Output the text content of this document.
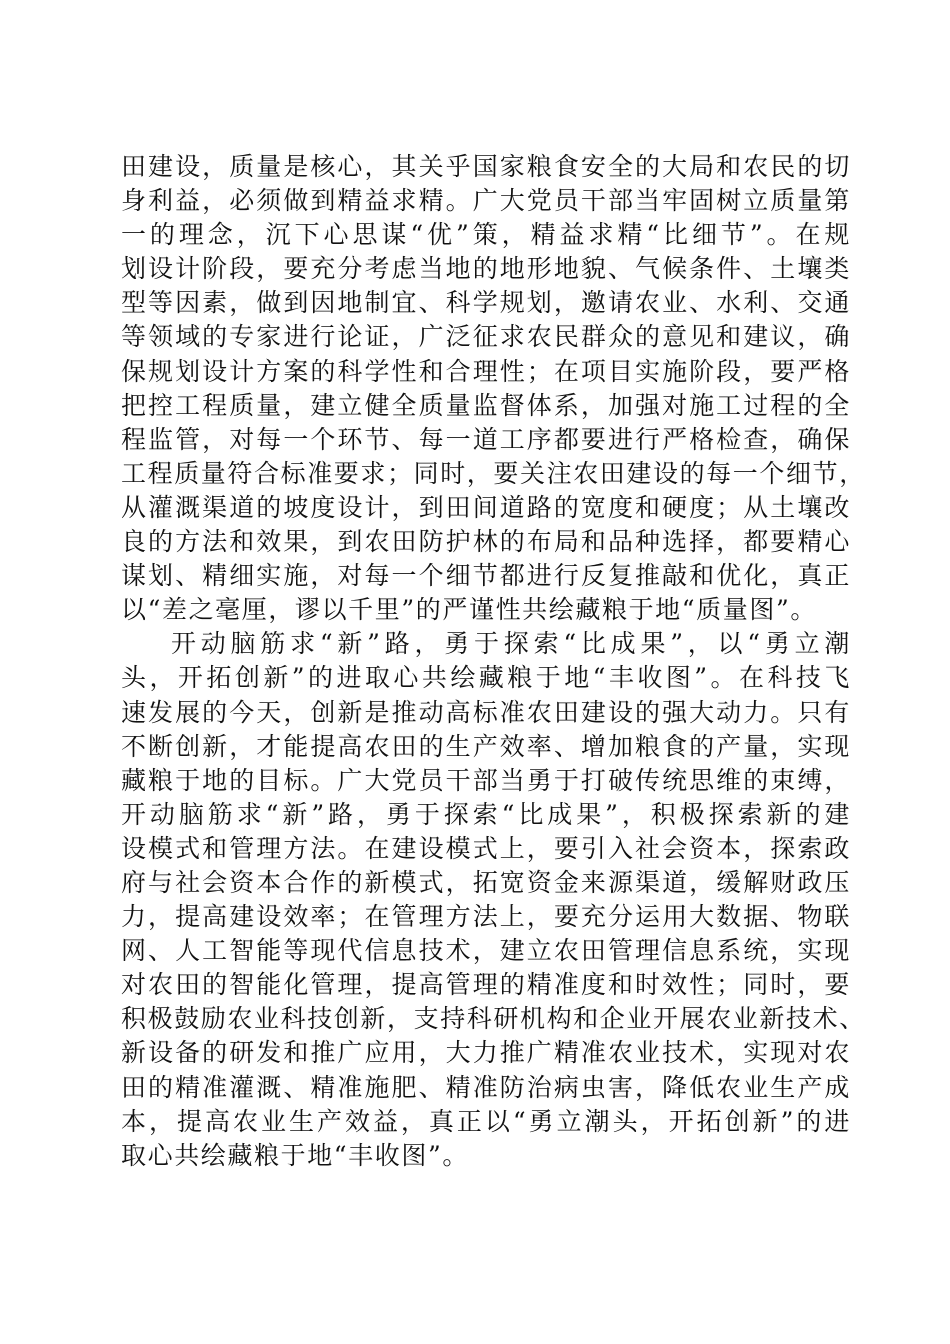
田建设，质量是核心，其关乎国家粮食安全的大局和农民的切
身利益，必须做到精益求精。广大党员干部当牢固树立质量第
一的理念，沉下心思谋“优”策，精益求精“比细节”。在规
划设计阶段，要充分考虑当地的地形地貌、气候条件、土壤类
型等因素，做到因地制宜、科学规划，邀请农业、水利、交通
等领域的专家进行论证，广泛征求农民群众的意见和建议，确
保规划设计方案的科学性和合理性；在项目实施阶段，要严格
把控工程质量，建立健全质量监督体系，加强对施工过程的全
程监管，对每一个环节、每一道工序都要进行严格检查，确保
工程质量符合标准要求；同时，要关注农田建设的每一个细节，
从灌溉渠道的坡度设计，到田间道路的宽度和硬度；从土壤改
良的方法和效果，到农田防护林的布局和品种选择，都要精心
谋划、精细实施，对每一个细节都进行反复推敲和优化，真正
以“差之毫厘，谬以千里”的严谨性共绘藏粮于地“质量图”。
开动脑筋求“新”路，勇于探索“比成果”，以“勇立潮
头，开拓创新”的进取心共绘藏粮于地“丰收图”。在科技飞
速发展的今天，创新是推动高标准农田建设的强大动力。只有
不断创新，才能提高农田的生产效率、增加粮食的产量，实现
藏粮于地的目标。广大党员干部当勇于打破传统思维的束缚，
开动脑筋求“新”路，勇于探索“比成果”，积极探索新的建
设模式和管理方法。在建设模式上，要引入社会资本，探索政
府与社会资本合作的新模式，拓宽资金来源渠道，缓解财政压
力，提高建设效率；在管理方法上，要充分运用大数据、物联
网、人工智能等现代信息技术，建立农田管理信息系统，实现
对农田的智能化管理，提高管理的精准度和时效性；同时，要
积极鼓励农业科技创新，支持科研机构和企业开展农业新技术、
新设备的研发和推广应用，大力推广精准农业技术，实现对农
田的精准灌溉、精准施肥、精准防治病虫害，降低农业生产成
本，提高农业生产效益，真正以“勇立潮头，开拓创新”的进
取心共绘藏粮于地“丰收图”。
